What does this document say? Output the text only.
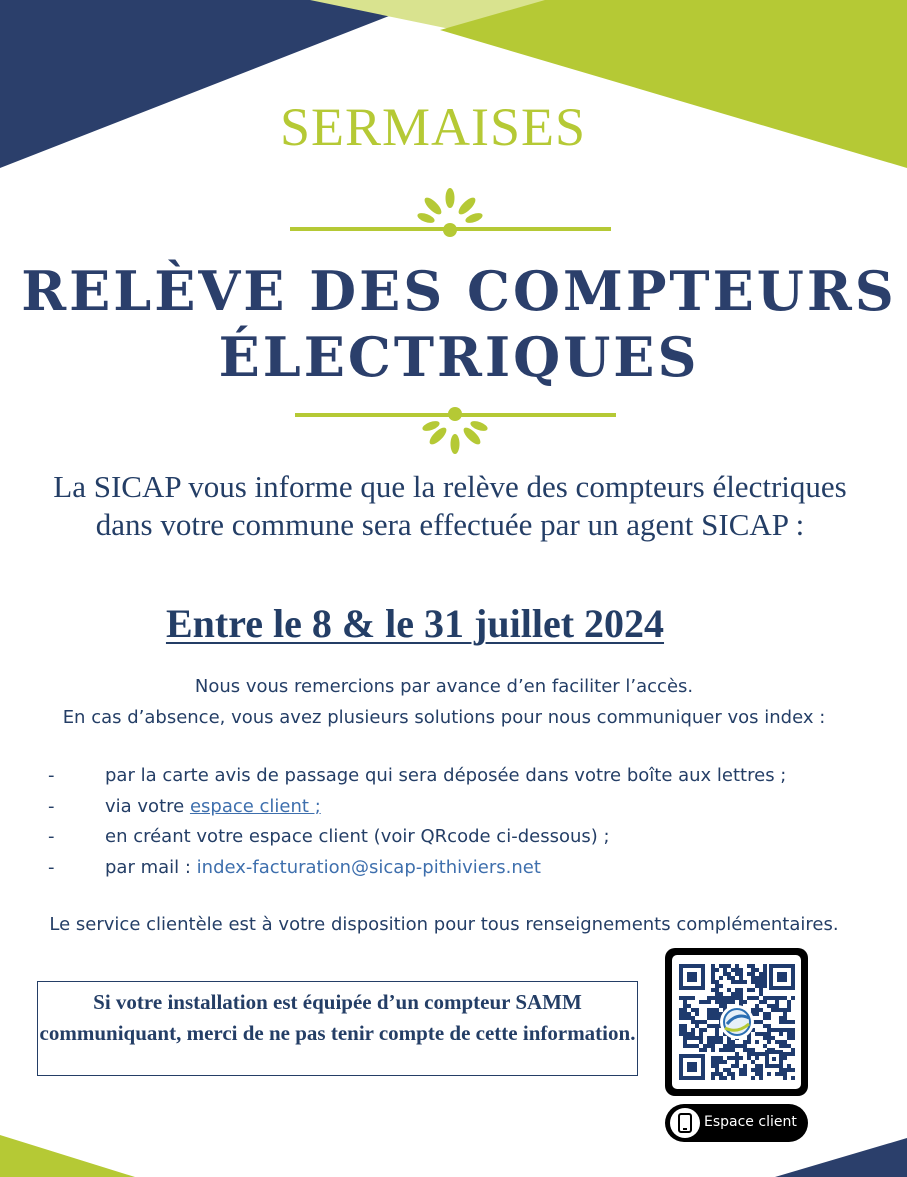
SERMAISES
RELÈVE DES COMPTEURS
ÉLECTRIQUES
La SICAP vous informe que la relève des compteurs électriques dans votre commune sera effectuée par un agent SICAP :
Entre le 8 & le 31 juillet 2024
Nous vous remercions par avance d’en faciliter l’accès.
En cas d’absence, vous avez plusieurs solutions pour nous communiquer vos index :
-	par la carte avis de passage qui sera déposée dans votre boîte aux lettres ;
-	via votre espace client ;
-	en créant votre espace client (voir QRcode ci-dessous) ;
-	par mail : index-facturation@sicap-pithiviers.net
Le service clientèle est à votre disposition pour tous renseignements complémentaires.
Si votre installation est équipée d’un compteur SAMM communiquant, merci de ne pas tenir compte de cette information.
Espace client
